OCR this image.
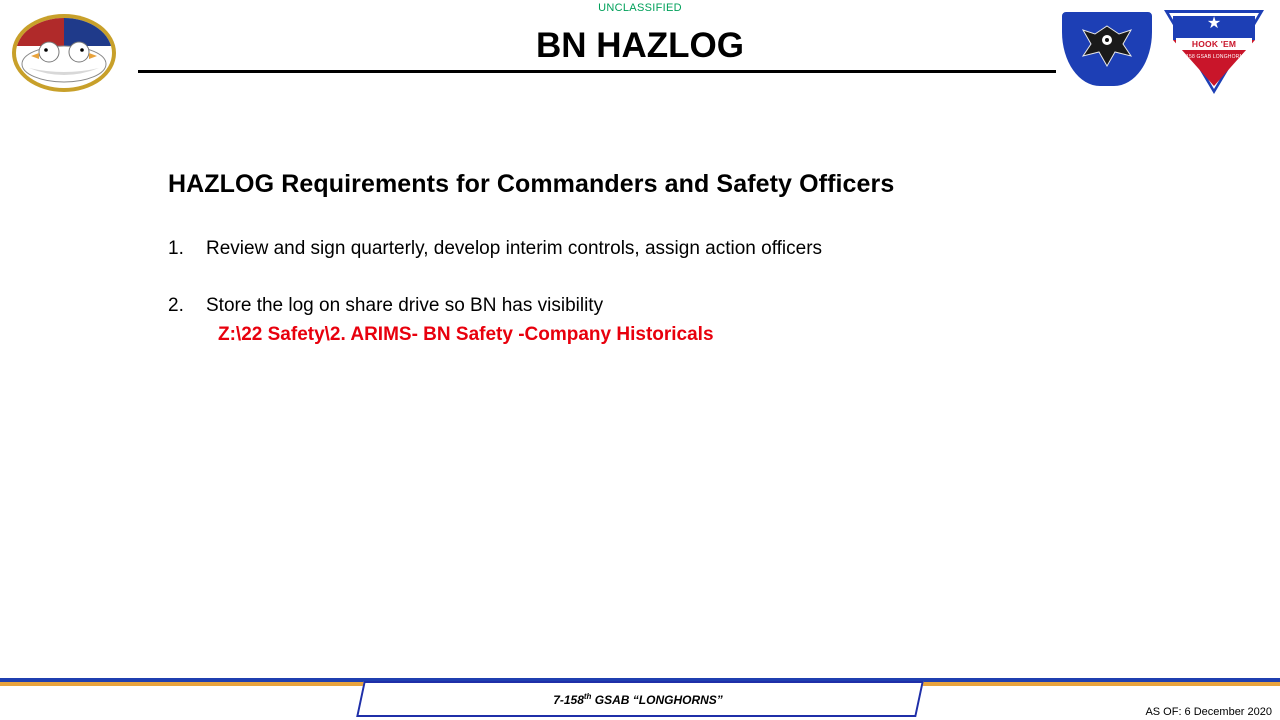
UNCLASSIFIED
BN HAZLOG
★
HOOK 'EM
7-158 GSAB LONGHORNS
HAZLOG Requirements for Commanders and Safety Officers
1. Review and sign quarterly, develop interim controls, assign action officers
2. Store the log on share drive so BN has visibility
Z:\22 Safety\2. ARIMS- BN Safety -Company Historicals
7-158th GSAB “LONGHORNS”
AS OF: 6 December 2020
